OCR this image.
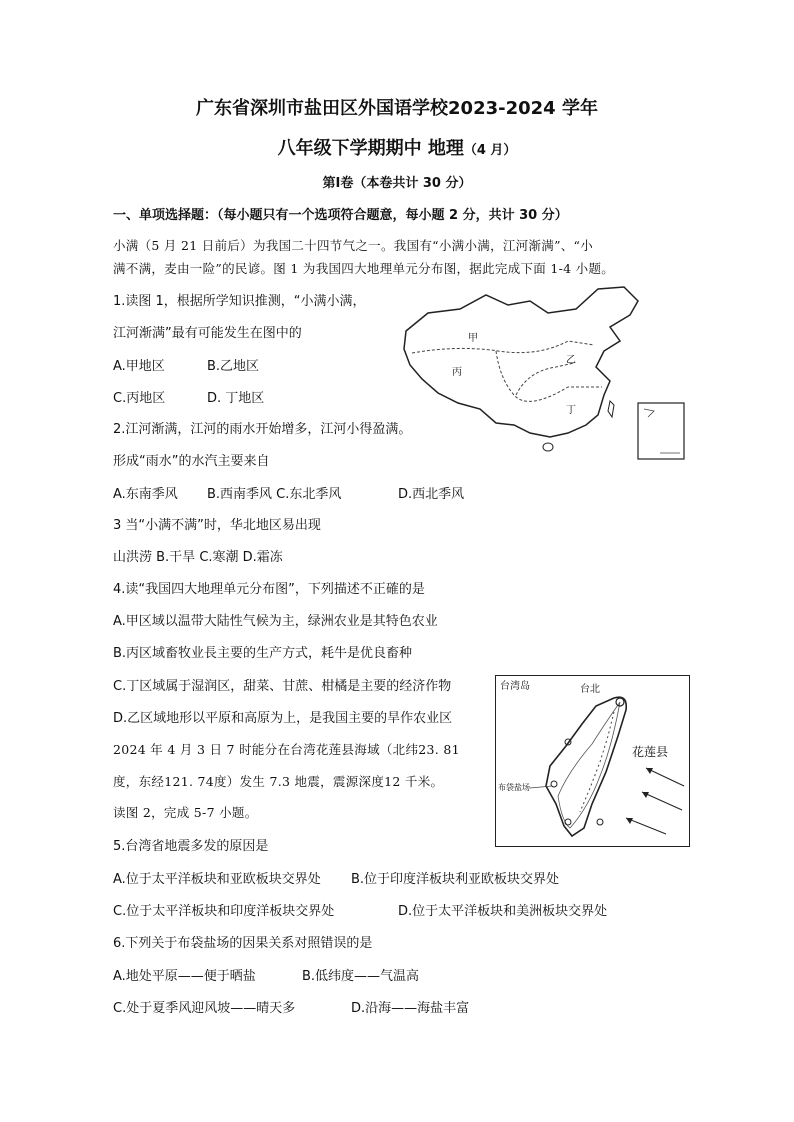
广东省深圳市盐田区外国语学校2023-2024 学年
八年级下学期期中 地理（4 月）
第Ⅰ卷（本卷共计 30 分）
一、单项选择题：（每小题只有一个选项符合题意，每小题 2 分，共计 30 分）
小满（5 月 21 日前后）为我国二十四节气之一。我国有“小满小满，江河渐满”、“小
满不满，麦由一险”的民谚。图 1 为我国四大地理单元分布图，据此完成下面 1-4 小题。
1.读图 1，根据所学知识推测，“小满小满，
江河渐满”最有可能发生在图中的
A.甲地区	B.乙地区
C.丙地区	D. 丁地区
2.江河渐满，江河的雨水开始增多，江河小得盈满。
形成“雨水”的水汽主要来自
A.东南季风 B.西南季风 C.东北季风	D.西北季风
3 当“小满不满”时，华北地区易出现
山洪涝 B.干旱 C.寒潮 D.霜冻
4.读“我国四大地理单元分布图”，下列描述不正確的是
A.甲区域以温带大陆性气候为主，绿洲农业是其特色农业
B.丙区域畜牧业長主要的生产方式，耗牛是优良畜种
C.丁区域属于湿润区，甜菜、甘蔗、柑橘是主要的经济作物
D.乙区域地形以平原和高原为上，是我国主要的旱作农业区
2024 年 4 月 3 日 7 时能分在台湾花莲县海域（北纬23. 81
度，东经121. 74度）发生 7.3 地震，震源深度12 千米。
读图 2，完成 5-7 小题。
5.台湾省地震多发的原因是
A.位于太平洋板块和亚欧板块交界处 B.位于印度洋板块利亚欧板块交界处
C.位于太平洋板块和印度洋板块交界处	D.位于太平洋板块和美洲板块交界处
6.下列关于布袋盐场的因果关系对照错误的是
A.地处平原——便于晒盐	B.低纬度——气温高
C.处于夏季风迎风坡——晴天多	D.沿海——海盐丰富
甲
乙
丙
丁
台湾岛	台北
花莲县
布袋盐场
